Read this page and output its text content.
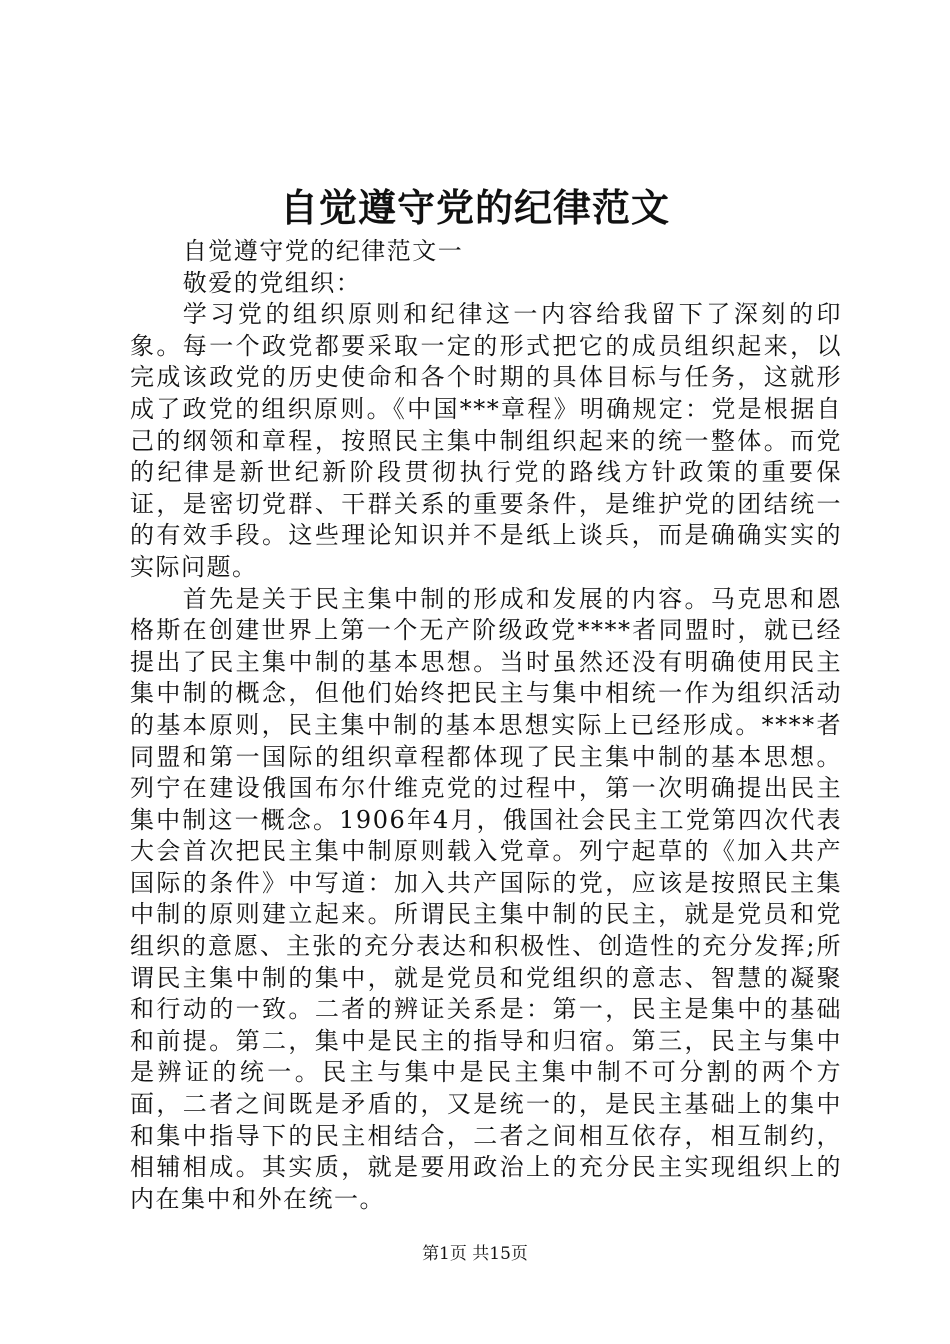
自觉遵守党的纪律范文

自觉遵守党的纪律范文一

敬爱的党组织：

学习党的组织原则和纪律这一内容给我留下了深刻的印象。每一个政党都要采取一定的形式把它的成员组织起来，以完成该政党的历史使命和各个时期的具体目标与任务，这就形成了政党的组织原则。《中国***章程》明确规定：党是根据自己的纲领和章程，按照民主集中制组织起来的统一整体。而党的纪律是新世纪新阶段贯彻执行党的路线方针政策的重要保证，是密切党群、干群关系的重要条件，是维护党的团结统一的有效手段。这些理论知识并不是纸上谈兵，而是确确实实的实际问题。

首先是关于民主集中制的形成和发展的内容。马克思和恩格斯在创建世界上第一个无产阶级政党****者同盟时，就已经提出了民主集中制的基本思想。当时虽然还没有明确使用民主集中制的概念，但他们始终把民主与集中相统一作为组织活动的基本原则，民主集中制的基本思想实际上已经形成。****者同盟和第一国际的组织章程都体现了民主集中制的基本思想。列宁在建设俄国布尔什维克党的过程中，第一次明确提出民主集中制这一概念。1906年4月，俄国社会民主工党第四次代表大会首次把民主集中制原则载入党章。列宁起草的《加入共产国际的条件》中写道：加入共产国际的党，应该是按照民主集中制的原则建立起来。所谓民主集中制的民主，就是党员和党组织的意愿、主张的充分表达和积极性、创造性的充分发挥;所谓民主集中制的集中，就是党员和党组织的意志、智慧的凝聚和行动的一致。二者的辨证关系是：第一，民主是集中的基础和前提。第二，集中是民主的指导和归宿。第三，民主与集中是辨证的统一。民主与集中是民主集中制不可分割的两个方面，二者之间既是矛盾的，又是统一的，是民主基础上的集中和集中指导下的民主相结合，二者之间相互依存，相互制约，相辅相成。其实质，就是要用政治上的充分民主实现组织上的内在集中和外在统一。

第1页 共15页
